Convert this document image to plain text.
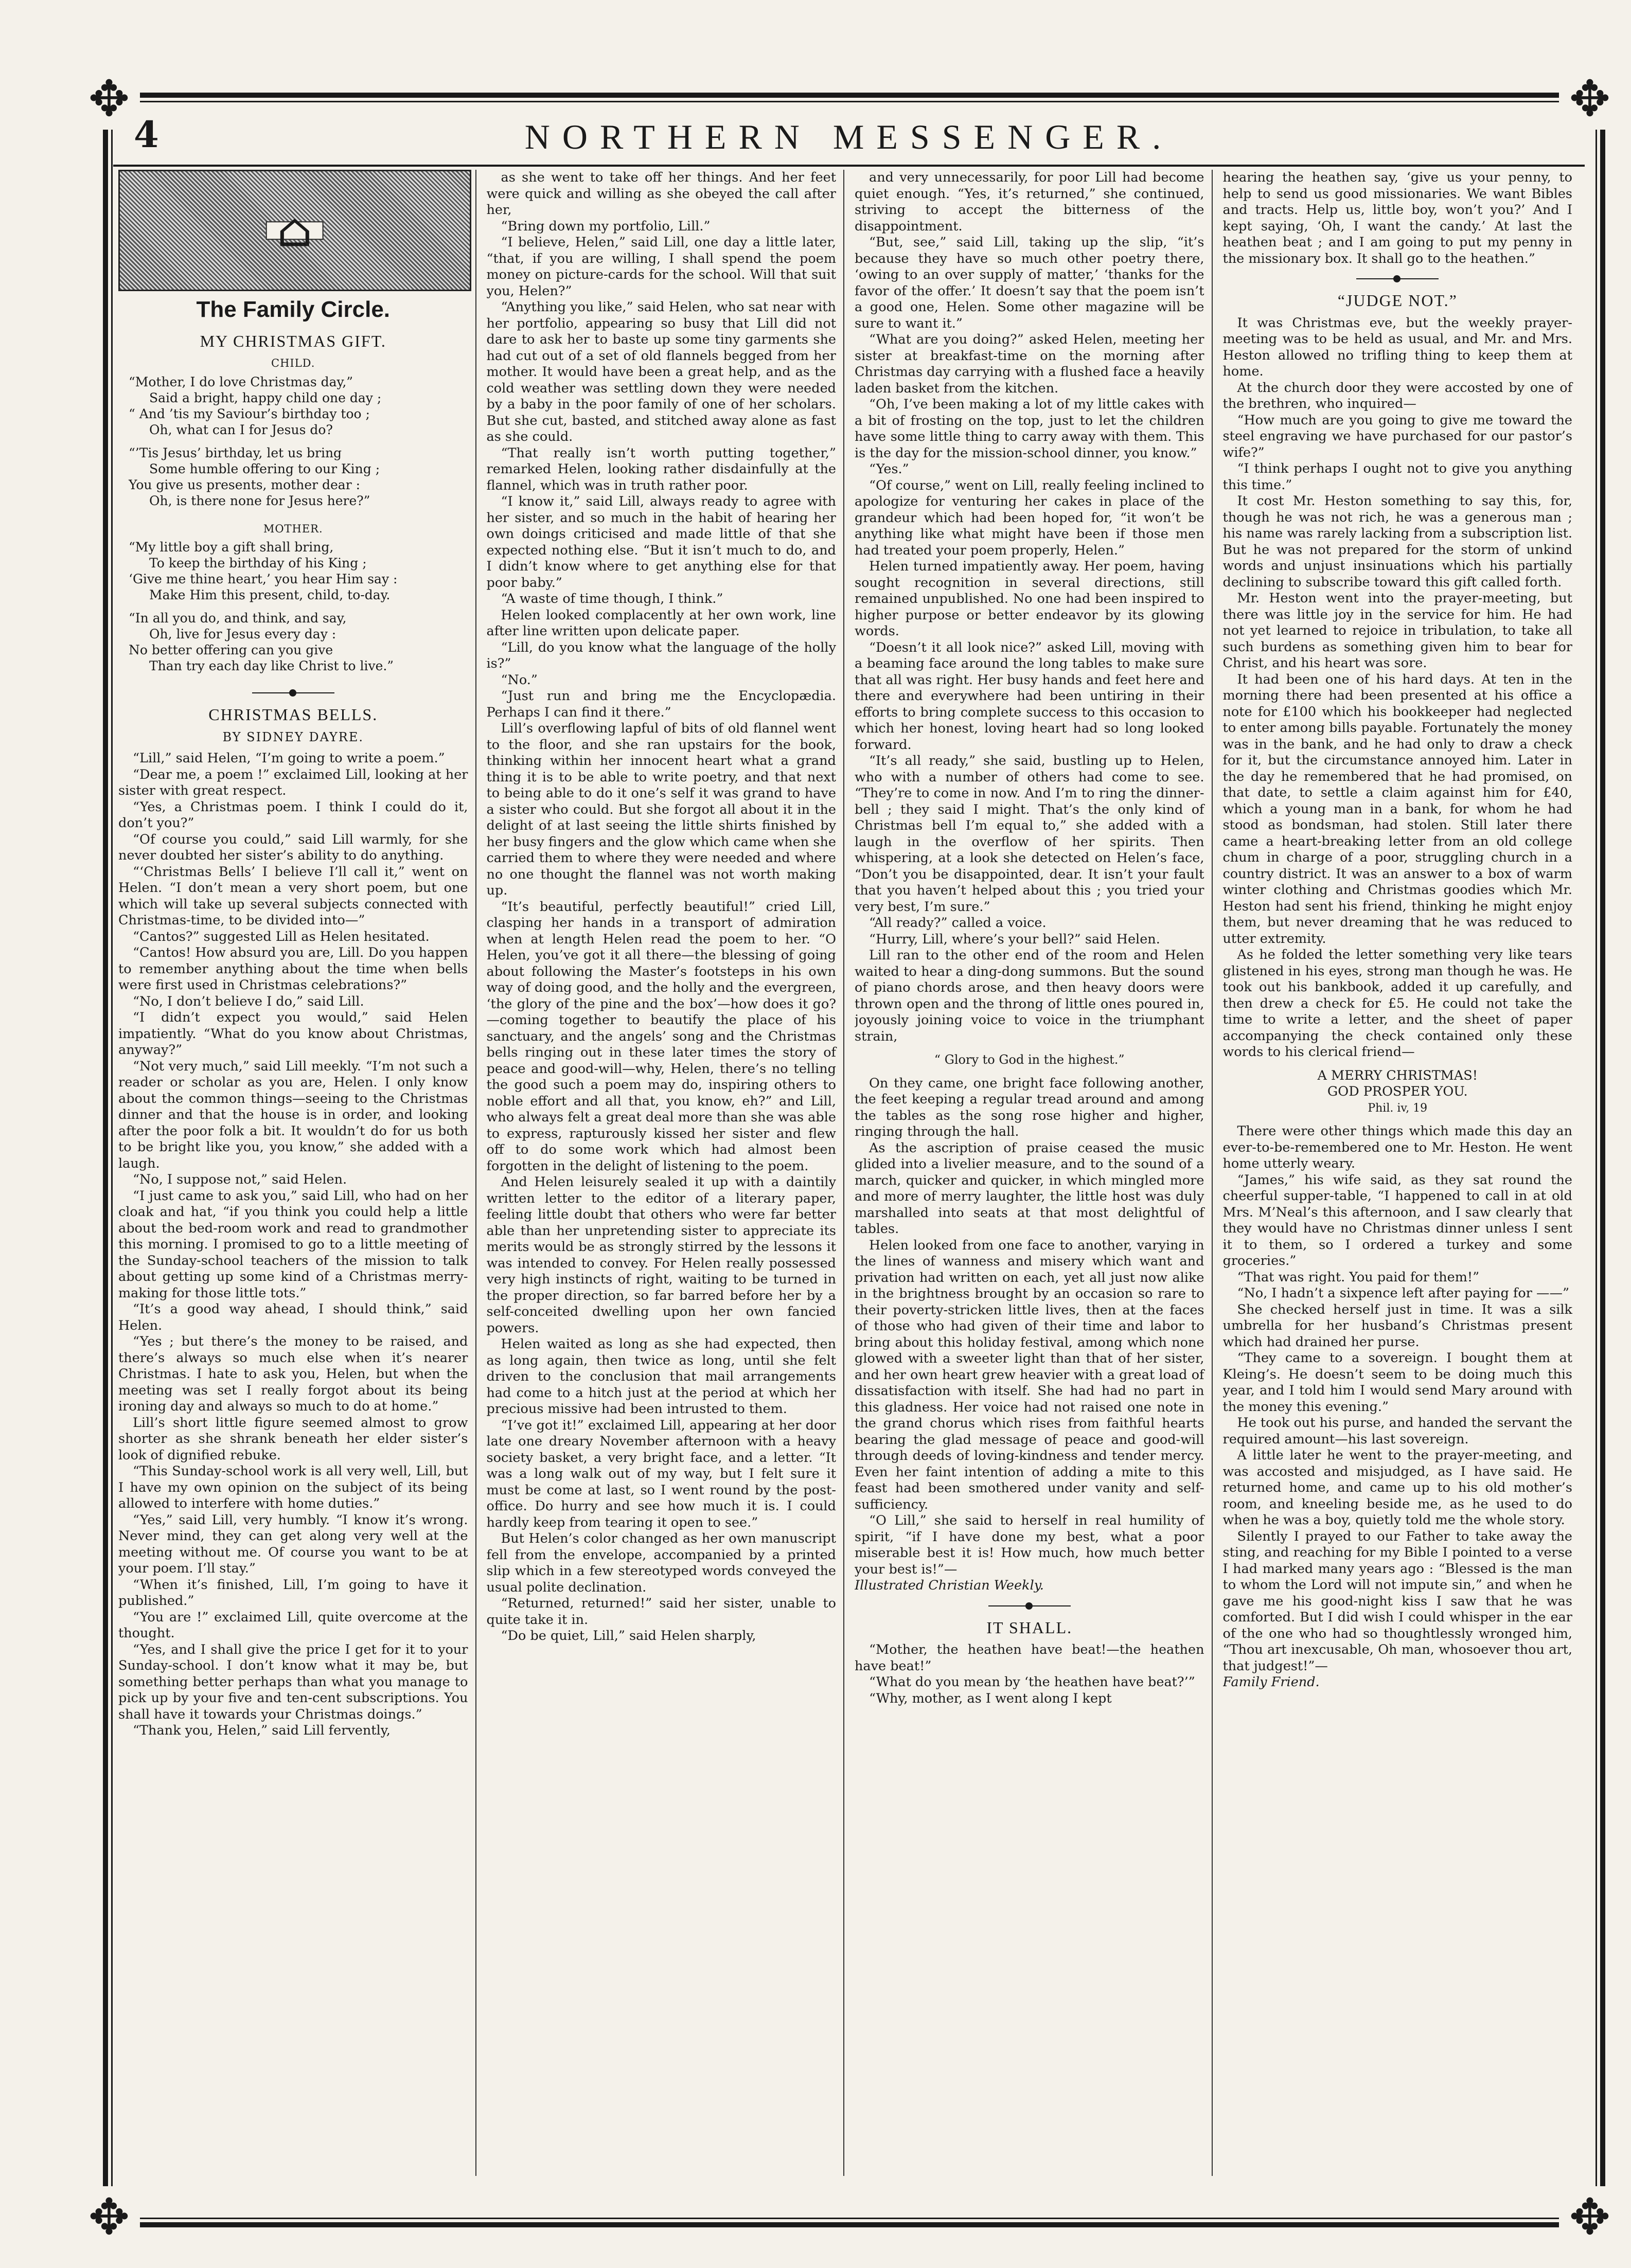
✥	✥
✥	✥
4	NORTHERN MESSENGER.
⌂
The Family Circle.
MY CHRISTMAS GIFT.
CHILD.
“Mother, I do love Christmas day,”
Said a bright, happy child one day ;
“ And ’tis my Saviour’s birthday too ;
Oh, what can I for Jesus do?
“’Tis Jesus’ birthday, let us bring
Some humble offering to our King ;
You give us presents, mother dear :
Oh, is there none for Jesus here?”
MOTHER.
“My little boy a gift shall bring,
To keep the birthday of his King ;
‘Give me thine heart,’ you hear Him say :
Make Him this present, child, to-day.
“In all you do, and think, and say,
Oh, live for Jesus every day :
No better offering can you give
Than try each day like Christ to live.”
CHRISTMAS BELLS.
BY SIDNEY DAYRE.

“Lill,” said Helen, “I’m going to write a poem.”

“Dear me, a poem !” exclaimed Lill, looking at her sister with great respect.

“Yes, a Christmas poem. I think I could do it, don’t you?”

“Of course you could,” said Lill warmly, for she never doubted her sister’s ability to do anything.

“‘Christmas Bells’ I believe I’ll call it,” went on Helen. “I don’t mean a very short poem, but one which will take up several subjects connected with Christmas-time, to be divided into—”

“Cantos?” suggested Lill as Helen hesitated.

“Cantos! How absurd you are, Lill. Do you happen to remember anything about the time when bells were first used in Christmas celebrations?”

“No, I don’t believe I do,” said Lill.

“I didn’t expect you would,” said Helen impatiently. “What do you know about Christmas, anyway?”

“Not very much,” said Lill meekly. “I’m not such a reader or scholar as you are, Helen. I only know about the common things—seeing to the Christmas dinner and that the house is in order, and looking after the poor folk a bit. It wouldn’t do for us both to be bright like you, you know,” she added with a laugh.

“No, I suppose not,” said Helen.

“I just came to ask you,” said Lill, who had on her cloak and hat, “if you think you could help a little about the bed-room work and read to grandmother this morning. I promised to go to a little meeting of the Sunday-school teachers of the mission to talk about getting up some kind of a Christmas merry-making for those little tots.”

“It’s a good way ahead, I should think,” said Helen.

“Yes ; but there’s the money to be raised, and there’s always so much else when it’s nearer Christmas. I hate to ask you, Helen, but when the meeting was set I really forgot about its being ironing day and always so much to do at home.”

Lill’s short little figure seemed almost to grow shorter as she shrank beneath her elder sister’s look of dignified rebuke.

“This Sunday-school work is all very well, Lill, but I have my own opinion on the subject of its being allowed to interfere with home duties.”

“Yes,” said Lill, very humbly. “I know it’s wrong. Never mind, they can get along very well at the meeting without me. Of course you want to be at your poem. I’ll stay.”

“When it’s finished, Lill, I’m going to have it published.”

“You are !” exclaimed Lill, quite overcome at the thought.

“Yes, and I shall give the price I get for it to your Sunday-school. I don’t know what it may be, but something better perhaps than what you manage to pick up by your five and ten-cent subscriptions. You shall have it towards your Christmas doings.”

“Thank you, Helen,” said Lill fervently,

as she went to take off her things. And her feet were quick and willing as she obeyed the call after her,

“Bring down my portfolio, Lill.”

“I believe, Helen,” said Lill, one day a little later, “that, if you are willing, I shall spend the poem money on picture-cards for the school. Will that suit you, Helen?”

“Anything you like,” said Helen, who sat near with her portfolio, appearing so busy that Lill did not dare to ask her to baste up some tiny garments she had cut out of a set of old flannels begged from her mother. It would have been a great help, and as the cold weather was settling down they were needed by a baby in the poor family of one of her scholars. But she cut, basted, and stitched away alone as fast as she could.

“That really isn’t worth putting together,” remarked Helen, looking rather disdainfully at the flannel, which was in truth rather poor.

“I know it,” said Lill, always ready to agree with her sister, and so much in the habit of hearing her own doings criticised and made little of that she expected nothing else. “But it isn’t much to do, and I didn’t know where to get anything else for that poor baby.”

“A waste of time though, I think.”

Helen looked complacently at her own work, line after line written upon delicate paper.

“Lill, do you know what the language of the holly is?”

“No.”

“Just run and bring me the Encyclopædia. Perhaps I can find it there.”

Lill’s overflowing lapful of bits of old flannel went to the floor, and she ran upstairs for the book, thinking within her innocent heart what a grand thing it is to be able to write poetry, and that next to being able to do it one’s self it was grand to have a sister who could. But she forgot all about it in the delight of at last seeing the little shirts finished by her busy fingers and the glow which came when she carried them to where they were needed and where no one thought the flannel was not worth making up.

“It’s beautiful, perfectly beautiful!” cried Lill, clasping her hands in a transport of admiration when at length Helen read the poem to her. “O Helen, you’ve got it all there—the blessing of going about following the Master’s footsteps in his own way of doing good, and the holly and the evergreen, ‘the glory of the pine and the box’—how does it go?—coming together to beautify the place of his sanctuary, and the angels’ song and the Christmas bells ringing out in these later times the story of peace and good-will—why, Helen, there’s no telling the good such a poem may do, inspiring others to noble effort and all that, you know, eh?” and Lill, who always felt a great deal more than she was able to express, rapturously kissed her sister and flew off to do some work which had almost been forgotten in the delight of listening to the poem.

And Helen leisurely sealed it up with a daintily written letter to the editor of a literary paper, feeling little doubt that others who were far better able than her unpretending sister to appreciate its merits would be as strongly stirred by the lessons it was intended to convey. For Helen really possessed very high instincts of right, waiting to be turned in the proper direction, so far barred before her by a self-conceited dwelling upon her own fancied powers.

Helen waited as long as she had expected, then as long again, then twice as long, until she felt driven to the conclusion that mail arrangements had come to a hitch just at the period at which her precious missive had been intrusted to them.

“I’ve got it!” exclaimed Lill, appearing at her door late one dreary November afternoon with a heavy society basket, a very bright face, and a letter. “It was a long walk out of my way, but I felt sure it must be come at last, so I went round by the post-office. Do hurry and see how much it is. I could hardly keep from tearing it open to see.”

But Helen’s color changed as her own manuscript fell from the envelope, accompanied by a printed slip which in a few stereotyped words conveyed the usual polite declination.

“Returned, returned!” said her sister, unable to quite take it in.

“Do be quiet, Lill,” said Helen sharply,

and very unnecessarily, for poor Lill had become quiet enough. “Yes, it’s returned,” she continued, striving to accept the bitterness of the disappointment.

“But, see,” said Lill, taking up the slip, “it’s because they have so much other poetry there, ‘owing to an over supply of matter,’ ‘thanks for the favor of the offer.’ It doesn’t say that the poem isn’t a good one, Helen. Some other magazine will be sure to want it.”

“What are you doing?” asked Helen, meeting her sister at breakfast-time on the morning after Christmas day carrying with a flushed face a heavily laden basket from the kitchen.

“Oh, I’ve been making a lot of my little cakes with a bit of frosting on the top, just to let the children have some little thing to carry away with them. This is the day for the mission-school dinner, you know.”

“Yes.”

“Of course,” went on Lill, really feeling inclined to apologize for venturing her cakes in place of the grandeur which had been hoped for, “it won’t be anything like what might have been if those men had treated your poem properly, Helen.”

Helen turned impatiently away. Her poem, having sought recognition in several directions, still remained unpublished. No one had been inspired to higher purpose or better endeavor by its glowing words.

“Doesn’t it all look nice?” asked Lill, moving with a beaming face around the long tables to make sure that all was right. Her busy hands and feet here and there and everywhere had been untiring in their efforts to bring complete success to this occasion to which her honest, loving heart had so long looked forward.

“It’s all ready,” she said, bustling up to Helen, who with a number of others had come to see. “They’re to come in now. And I’m to ring the dinner-bell ; they said I might. That’s the only kind of Christmas bell I’m equal to,” she added with a laugh in the overflow of her spirits. Then whispering, at a look she detected on Helen’s face, “Don’t you be disappointed, dear. It isn’t your fault that you haven’t helped about this ; you tried your very best, I’m sure.”

“All ready?” called a voice.

“Hurry, Lill, where’s your bell?” said Helen.

Lill ran to the other end of the room and Helen waited to hear a ding-dong summons. But the sound of piano chords arose, and then heavy doors were thrown open and the throng of little ones poured in, joyously joining voice to voice in the triumphant strain,

“ Glory to God in the highest.”

On they came, one bright face following another, the feet keeping a regular tread around and among the tables as the song rose higher and higher, ringing through the hall.

As the ascription of praise ceased the music glided into a livelier measure, and to the sound of a march, quicker and quicker, in which mingled more and more of merry laughter, the little host was duly marshalled into seats at that most delightful of tables.

Helen looked from one face to another, varying in the lines of wanness and misery which want and privation had written on each, yet all just now alike in the brightness brought by an occasion so rare to their poverty-stricken little lives, then at the faces of those who had given of their time and labor to bring about this holiday festival, among which none glowed with a sweeter light than that of her sister, and her own heart grew heavier with a great load of dissatisfaction with itself. She had had no part in this gladness. Her voice had not raised one note in the grand chorus which rises from faithful hearts bearing the glad message of peace and good-will through deeds of loving-kindness and tender mercy. Even her faint intention of adding a mite to this feast had been smothered under vanity and self-sufficiency.

“O Lill,” she said to herself in real humility of spirit, “if I have done my best, what a poor miserable best it is! How much, how much better your best is!”—

Illustrated Christian Weekly.

IT SHALL.

“Mother, the heathen have beat!—the heathen have beat!”

“What do you mean by ‘the heathen have beat?’”

“Why, mother, as I went along I kept

hearing the heathen say, ‘give us your penny, to help to send us good missionaries. We want Bibles and tracts. Help us, little boy, won’t you?’ And I kept saying, ‘Oh, I want the candy.’ At last the heathen beat ; and I am going to put my penny in the missionary box. It shall go to the heathen.”

“JUDGE NOT.”

It was Christmas eve, but the weekly prayer-meeting was to be held as usual, and Mr. and Mrs. Heston allowed no trifling thing to keep them at home.

At the church door they were accosted by one of the brethren, who inquired—

“How much are you going to give me toward the steel engraving we have purchased for our pastor’s wife?”

“I think perhaps I ought not to give you anything this time.”

It cost Mr. Heston something to say this, for, though he was not rich, he was a generous man ; his name was rarely lacking from a subscription list. But he was not prepared for the storm of unkind words and unjust insinuations which his partially declining to subscribe toward this gift called forth.

Mr. Heston went into the prayer-meeting, but there was little joy in the service for him. He had not yet learned to rejoice in tribulation, to take all such burdens as something given him to bear for Christ, and his heart was sore.

It had been one of his hard days. At ten in the morning there had been presented at his office a note for £100 which his bookkeeper had neglected to enter among bills payable. Fortunately the money was in the bank, and he had only to draw a check for it, but the circumstance annoyed him. Later in the day he remembered that he had promised, on that date, to settle a claim against him for £40, which a young man in a bank, for whom he had stood as bondsman, had stolen. Still later there came a heart-breaking letter from an old college chum in charge of a poor, struggling church in a country district. It was an answer to a box of warm winter clothing and Christmas goodies which Mr. Heston had sent his friend, thinking he might enjoy them, but never dreaming that he was reduced to utter extremity.

As he folded the letter something very like tears glistened in his eyes, strong man though he was. He took out his bankbook, added it up carefully, and then drew a check for £5. He could not take the time to write a letter, and the sheet of paper accompanying the check contained only these words to his clerical friend—

A MERRY CHRISTMAS!
GOD PROSPER YOU.
Phil. iv, 19

There were other things which made this day an ever-to-be-remembered one to Mr. Heston. He went home utterly weary.

“James,” his wife said, as they sat round the cheerful supper-table, “I happened to call in at old Mrs. M’Neal’s this afternoon, and I saw clearly that they would have no Christmas dinner unless I sent it to them, so I ordered a turkey and some groceries.”

“That was right. You paid for them!”

“No, I hadn’t a sixpence left after paying for ——”

She checked herself just in time. It was a silk umbrella for her husband’s Christmas present which had drained her purse.

“They came to a sovereign. I bought them at Kleing’s. He doesn’t seem to be doing much this year, and I told him I would send Mary around with the money this evening.”

He took out his purse, and handed the servant the required amount—his last sovereign.

A little later he went to the prayer-meeting, and was accosted and misjudged, as I have said. He returned home, and came up to his old mother’s room, and kneeling beside me, as he used to do when he was a boy, quietly told me the whole story.

Silently I prayed to our Father to take away the sting, and reaching for my Bible I pointed to a verse I had marked many years ago : “Blessed is the man to whom the Lord will not impute sin,” and when he gave me his good-night kiss I saw that he was comforted. But I did wish I could whisper in the ear of the one who had so thoughtlessly wronged him, “Thou art inexcusable, Oh man, whosoever thou art, that judgest!”—

Family Friend.
